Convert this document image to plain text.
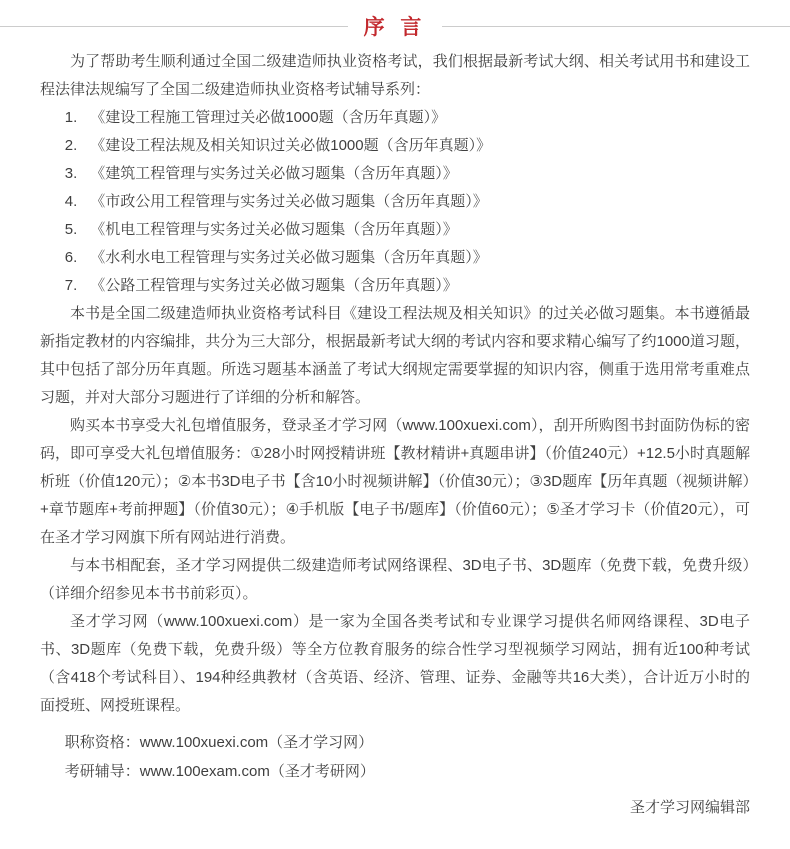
序 言

为了帮助考生顺利通过全国二级建造师执业资格考试，我们根据最新考试大纲、相关考试用书和建设工程法律法规编写了全国二级建造师执业资格考试辅导系列：

1. 《建设工程施工管理过关必做1000题（含历年真题）》
2. 《建设工程法规及相关知识过关必做1000题（含历年真题）》
3. 《建筑工程管理与实务过关必做习题集（含历年真题）》
4. 《市政公用工程管理与实务过关必做习题集（含历年真题）》
5. 《机电工程管理与实务过关必做习题集（含历年真题）》
6. 《水利水电工程管理与实务过关必做习题集（含历年真题）》
7. 《公路工程管理与实务过关必做习题集（含历年真题）》

本书是全国二级建造师执业资格考试科目《建设工程法规及相关知识》的过关必做习题集。本书遵循最新指定教材的内容编排，共分为三大部分，根据最新考试大纲的考试内容和要求精心编写了约1000道习题，其中包括了部分历年真题。所选习题基本涵盖了考试大纲规定需要掌握的知识内容，侧重于选用常考重难点习题，并对大部分习题进行了详细的分析和解答。

购买本书享受大礼包增值服务，登录圣才学习网（www.100xuexi.com），刮开所购图书封面防伪标的密码，即可享受大礼包增值服务：①28小时网授精讲班【教材精讲+真题串讲】（价值240元）+12.5小时真题解析班（价值120元）；②本书3D电子书【含10小时视频讲解】（价值30元）；③3D题库【历年真题（视频讲解）+章节题库+考前押题】（价值30元）；④手机版【电子书/题库】（价值60元）；⑤圣才学习卡（价值20元），可在圣才学习网旗下所有网站进行消费。

与本书相配套，圣才学习网提供二级建造师考试网络课程、3D电子书、3D题库（免费下载，免费升级）（详细介绍参见本书书前彩页）。

圣才学习网（www.100xuexi.com）是一家为全国各类考试和专业课学习提供名师网络课程、3D电子书、3D题库（免费下载，免费升级）等全方位教育服务的综合性学习型视频学习网站，拥有近100种考试（含418个考试科目）、194种经典教材（含英语、经济、管理、证券、金融等共16大类），合计近万小时的面授班、网授班课程。

职称资格：www.100xuexi.com（圣才学习网）
考研辅导：www.100exam.com（圣才考研网）
圣才学习网编辑部
